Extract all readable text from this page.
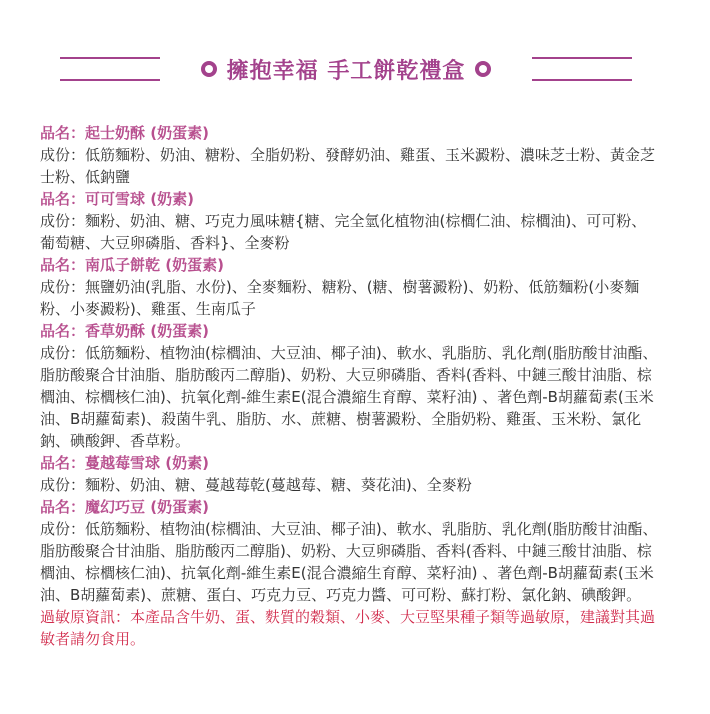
擁抱幸福 手工餅乾禮盒
品名：起士奶酥 (奶蛋素)
成份：低筋麵粉、奶油、糖粉、全脂奶粉、發酵奶油、雞蛋、玉米澱粉、濃味芝士粉、黃金芝士粉、低鈉鹽
品名：可可雪球 (奶素)
成份：麵粉、奶油、糖、巧克力風味糖{糖、完全氫化植物油(棕櫚仁油、棕櫚油)、可可粉、葡萄糖、大豆卵磷脂、香料}、全麥粉
品名：南瓜子餅乾 (奶蛋素)
成份：無鹽奶油(乳脂、水份)、全麥麵粉、糖粉、(糖、樹薯澱粉)、奶粉、低筋麵粉(小麥麵粉、小麥澱粉)、雞蛋、生南瓜子
品名：香草奶酥 (奶蛋素)
成份：低筋麵粉、植物油(棕櫚油、大豆油、椰子油)、軟水、乳脂肪、乳化劑(脂肪酸甘油酯、脂肪酸聚合甘油脂、脂肪酸丙二醇脂)、奶粉、大豆卵磷脂、香料(香料、中鏈三酸甘油脂、棕櫚油、棕櫚核仁油)、抗氧化劑-維生素E(混合濃縮生育醇、菜籽油) 、著色劑-B胡蘿蔔素(玉米油、B胡蘿蔔素)、殺菌牛乳、脂肪、水、蔗糖、樹薯澱粉、全脂奶粉、雞蛋、玉米粉、氯化鈉、碘酸鉀、香草粉。
品名：蔓越莓雪球 (奶素)
成份：麵粉、奶油、糖、蔓越莓乾(蔓越莓、糖、葵花油)、全麥粉
品名：魔幻巧豆 (奶蛋素)
成份：低筋麵粉、植物油(棕櫚油、大豆油、椰子油)、軟水、乳脂肪、乳化劑(脂肪酸甘油酯、脂肪酸聚合甘油脂、脂肪酸丙二醇脂)、奶粉、大豆卵磷脂、香料(香料、中鏈三酸甘油脂、棕櫚油、棕櫚核仁油)、抗氧化劑-維生素E(混合濃縮生育醇、菜籽油) 、著色劑-B胡蘿蔔素(玉米油、B胡蘿蔔素)、蔗糖、蛋白、巧克力豆、巧克力醬、可可粉、蘇打粉、氯化鈉、碘酸鉀。
過敏原資訊：本產品含牛奶、蛋、麩質的穀類、小麥、大豆堅果種子類等過敏原，建議對其過敏者請勿食用。
